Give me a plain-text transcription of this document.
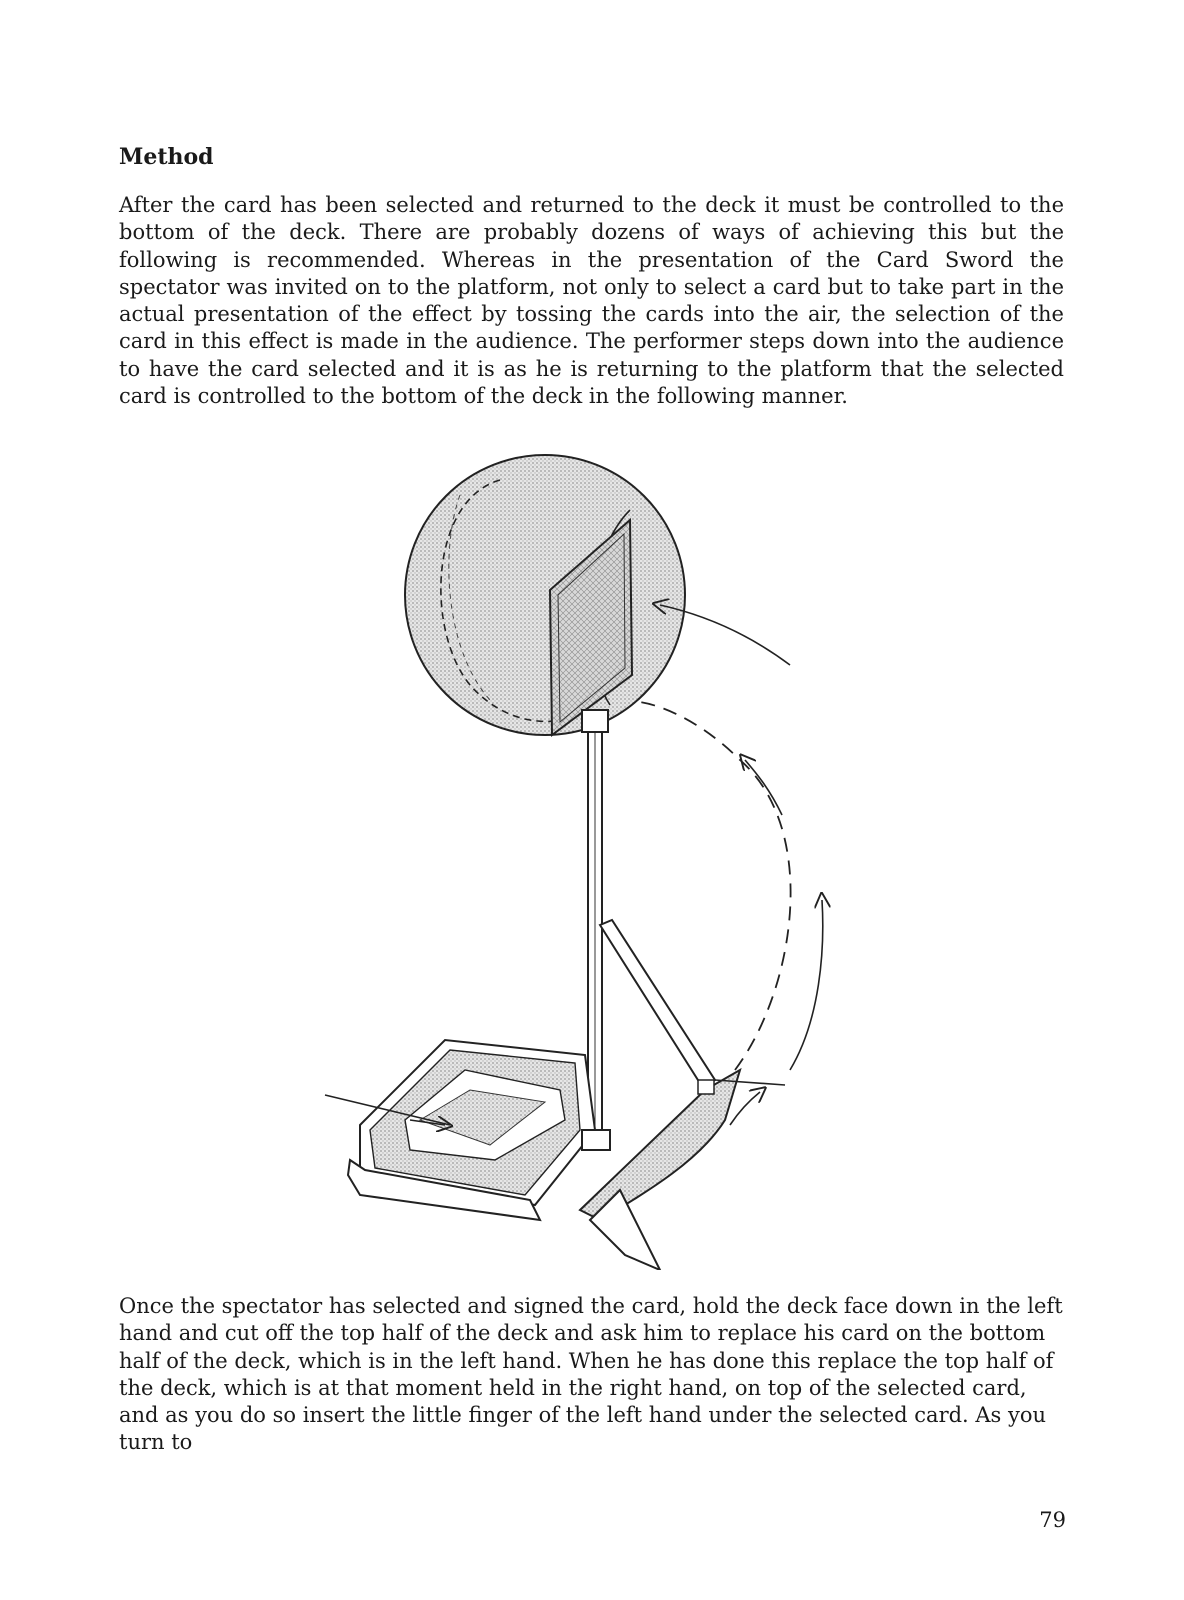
Method

After the card has been selected and returned to the deck it must be controlled to the bottom of the deck. There are probably dozens of ways of achieving this but the following is recommended. Whereas in the presentation of the Card Sword the spectator was invited on to the platform, not only to select a card but to take part in the actual presentation of the effect by tossing the cards into the air, the selection of the card in this effect is made in the audience. The performer steps down into the audience to have the card selected and it is as he is returning to the platform that the selected card is controlled to the bottom of the deck in the following manner.

Once the spectator has selected and signed the card, hold the deck face down in the left hand and cut off the top half of the deck and ask him to replace his card on the bottom half of the deck, which is in the left hand. When he has done this replace the top half of the deck, which is at that moment held in the right hand, on top of the selected card, and as you do so insert the little finger of the left hand under the selected card. As you turn to

79
